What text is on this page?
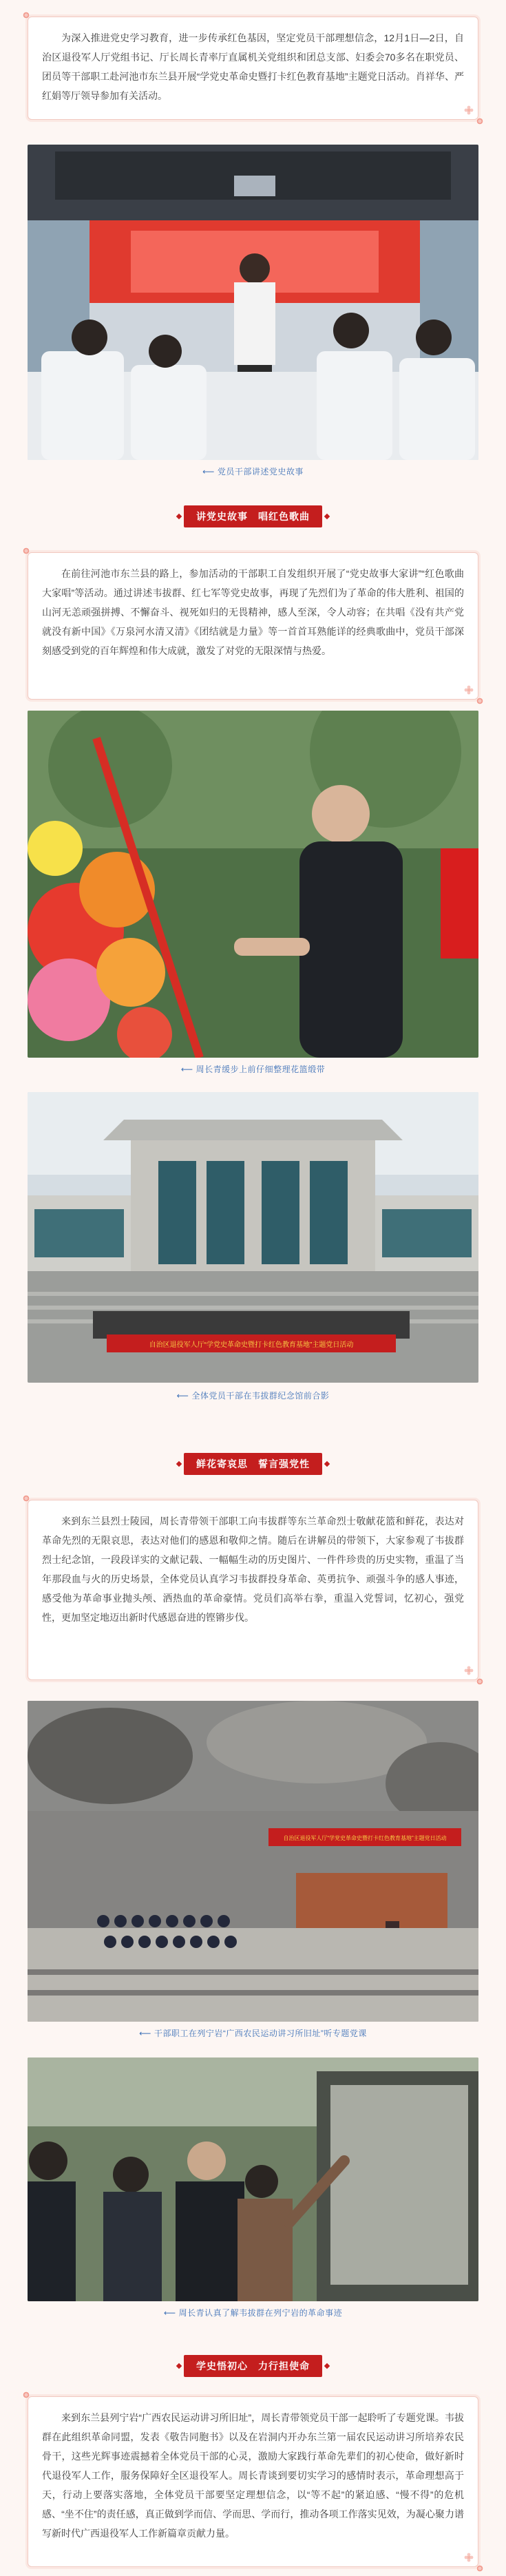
为深入推进党史学习教育，进一步传承红色基因，坚定党员干部理想信念，12月1日—2日，自治区退役军人厅党组书记、厅长周长青率厅直属机关党组织和团总支部、妇委会70多名在职党员、团员等干部职工赴河池市东兰县开展“学党史革命史暨打卡红色教育基地”主题党日活动。肖祥华、严红娟等厅领导参加有关活动。
⟵ 党员干部讲述党史故事
讲党史故事　唱红色歌曲
在前往河池市东兰县的路上，参加活动的干部职工自发组织开展了“党史故事大家讲”“红色歌曲大家唱”等活动。通过讲述韦拔群、红七军等党史故事，再现了先烈们为了革命的伟大胜利、祖国的山河无恙顽强拼搏、不懈奋斗、视死如归的无畏精神，感人至深，令人动容；在共唱《没有共产党就没有新中国》《万泉河水清又清》《团结就是力量》等一首首耳熟能详的经典歌曲中，党员干部深刻感受到党的百年辉煌和伟大成就，激发了对党的无限深情与热爱。
⟵ 周长青缓步上前仔细整理花篮缎带
自治区退役军人厅“学党史革命史暨打卡红色教育基地”主题党日活动
⟵ 全体党员干部在韦拔群纪念馆前合影
鲜花寄哀思　誓言强党性
来到东兰县烈士陵园，周长青带领干部职工向韦拔群等东兰革命烈士敬献花篮和鲜花，表达对革命先烈的无限哀思，表达对他们的感恩和敬仰之情。随后在讲解员的带领下，大家参观了韦拔群烈士纪念馆，一段段详实的文献记载、一幅幅生动的历史图片、一件件珍贵的历史实物，重温了当年那段血与火的历史场景，全体党员认真学习韦拔群投身革命、英勇抗争、顽强斗争的感人事迹，感受他为革命事业抛头颅、洒热血的革命豪情。党员们高举右拳，重温入党誓词，忆初心，强党性，更加坚定地迈出新时代感恩奋进的铿锵步伐。
自治区退役军人厅“学党史革命史暨打卡红色教育基地”主题党日活动
⟵ 干部职工在列宁岩“广西农民运动讲习所旧址”听专题党课
⟵ 周长青认真了解韦拔群在列宁岩的革命事迹
学史悟初心　力行担使命
来到东兰县列宁岩“广西农民运动讲习所旧址”，周长青带领党员干部一起聆听了专题党课。韦拔群在此组织革命同盟，发表《敬告同胞书》以及在岩洞内开办东兰第一届农民运动讲习所培养农民骨干，这些光辉事迹震撼着全体党员干部的心灵，激励大家践行革命先辈们的初心使命，做好新时代退役军人工作，服务保障好全区退役军人。周长青谈到要切实学习的感情时表示，革命理想高于天，行动上要落实落地，全体党员干部要坚定理想信念，以“等不起”的紧迫感、“慢不得”的危机感、“坐不住”的责任感，真正做到学而信、学而思、学而行，推动各项工作落实见效，为凝心聚力谱写新时代广西退役军人工作新篇章贡献力量。
